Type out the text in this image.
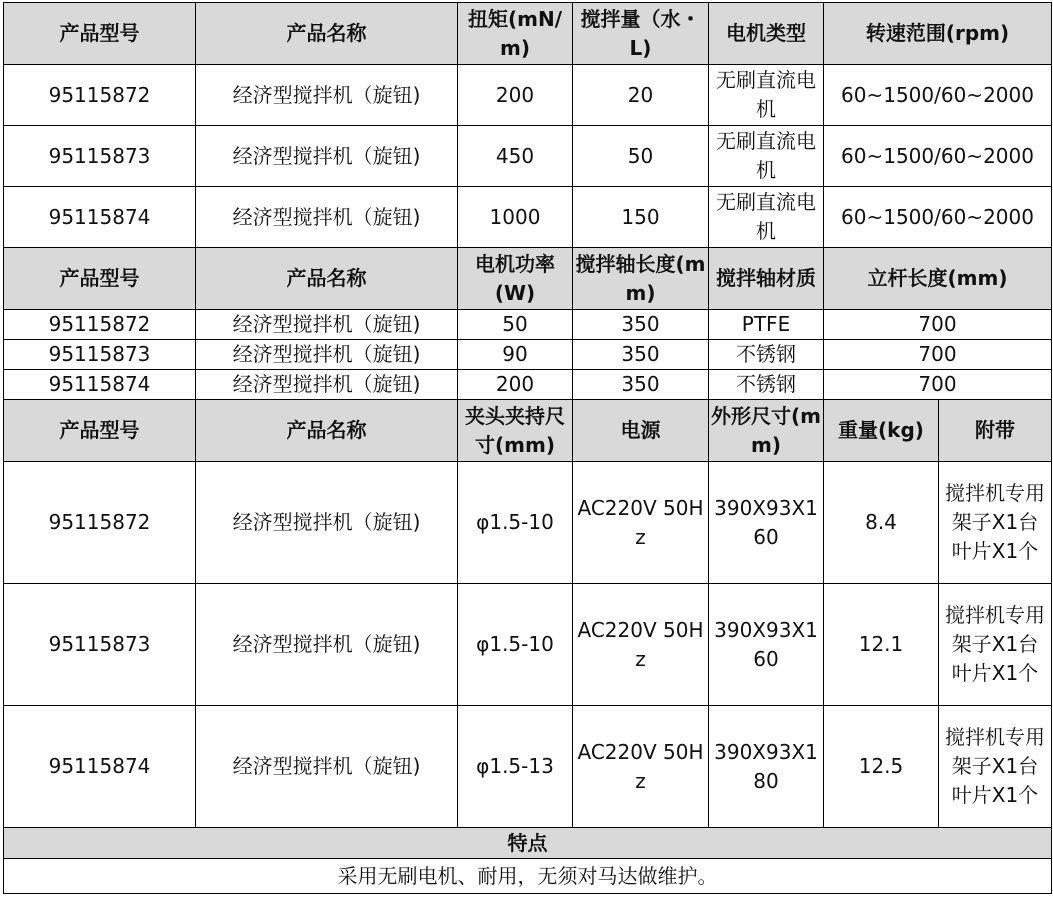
产品型号	产品名称	扭矩(mN/m)	搅拌量（水・L)	电机类型	转速范围(rpm)	
95115872	经济型搅拌机（旋钮)	200	20	无刷直流电机	60~1500/60~2000	
95115873	经济型搅拌机（旋钮)	450	50	无刷直流电机	60~1500/60~2000	
95115874	经济型搅拌机（旋钮)	1000	150	无刷直流电机	60~1500/60~2000	
产品型号	产品名称	电机功率(W)	搅拌轴长度(mm)	搅拌轴材质	立杆长度(mm)	
95115872	经济型搅拌机（旋钮)	50	350	PTFE	700	
95115873	经济型搅拌机（旋钮)	90	350	不锈钢	700	
95115874	经济型搅拌机（旋钮)	200	350	不锈钢	700	
产品型号	产品名称	夹头夹持尺寸(mm)	电源	外形尺寸(mm)	重量(kg)	附带
95115872	经济型搅拌机（旋钮)	φ1.5-10	AC220V 50Hz	390X93X160	8.4	搅拌机专用架子X1台 叶片X1个
95115873	经济型搅拌机（旋钮)	φ1.5-10	AC220V 50Hz	390X93X160	12.1	搅拌机专用架子X1台 叶片X1个
95115874	经济型搅拌机（旋钮)	φ1.5-13	AC220V 50Hz	390X93X180	12.5	搅拌机专用架子X1台 叶片X1个
特点						
采用无刷电机、耐用，无须对马达做维护。						
